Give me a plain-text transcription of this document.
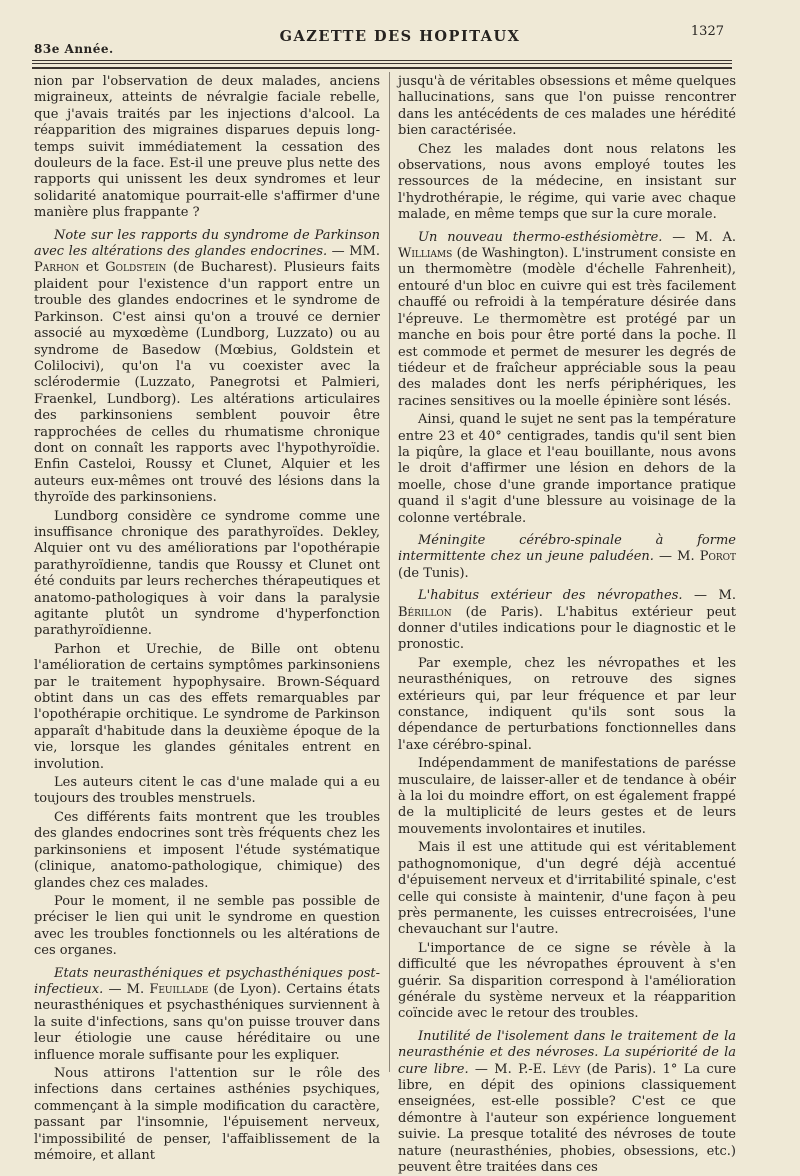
83e Année.
GAZETTE DES HOPITAUX	1327

nion par l'observation de deux malades, anciens migraineux, atteints de névralgie faciale rebelle, que j'avais traités par les injections d'alcool. La réapparition des migraines disparues depuis long-temps suivit immédiatement la cessation des douleurs de la face. Est-il une preuve plus nette des rapports qui unissent les deux syndromes et leur solidarité anatomique pourrait-elle s'affirmer d'une manière plus frappante ?

Note sur les rapports du syndrome de Parkinson avec les altérations des glandes endocrines. — MM. Parhon et Goldstein (de Bucharest). Plusieurs faits plaident pour l'existence d'un rapport entre un trouble des glandes endocrines et le syndrome de Parkinson. C'est ainsi qu'on a trouvé ce dernier associé au myxœdème (Lundborg, Luzzato) ou au syndrome de Basedow (Mœbius, Goldstein et Colilocivi), qu'on l'a vu coexister avec la sclérodermie (Luzzato, Panegrotsi et Palmieri, Fraenkel, Lundborg). Les altérations articulaires des parkinsoniens semblent pouvoir être rapprochées de celles du rhumatisme chronique dont on connaît les rapports avec l'hypothyroïdie. Enfin Casteloi, Roussy et Clunet, Alquier et les auteurs eux-mêmes ont trouvé des lésions dans la thyroïde des parkinsoniens.

Lundborg considère ce syndrome comme une insuffisance chronique des parathyroïdes. Dekley, Alquier ont vu des améliorations par l'opothérapie parathyroïdienne, tandis que Roussy et Clunet ont été conduits par leurs recherches thérapeutiques et anatomo-pathologiques à voir dans la paralysie agitante plutôt un syndrome d'hyperfonction parathyroïdienne.

Parhon et Urechie, de Bille ont obtenu l'amélioration de certains symptômes parkinsoniens par le traitement hypophysaire. Brown-Séquard obtint dans un cas des effets remarquables par l'opothérapie orchitique. Le syndrome de Parkinson apparaît d'habitude dans la deuxième époque de la vie, lorsque les glandes génitales entrent en involution.

Les auteurs citent le cas d'une malade qui a eu toujours des troubles menstruels.

Ces différents faits montrent que les troubles des glandes endocrines sont très fréquents chez les parkinsoniens et imposent l'étude systématique (clinique, anatomo-pathologique, chimique) des glandes chez ces malades.

Pour le moment, il ne semble pas possible de préciser le lien qui unit le syndrome en question avec les troubles fonctionnels ou les altérations de ces organes.

Etats neurasthéniques et psychasthéniques post-infectieux. — M. Feuillade (de Lyon). Certains états neurasthéniques et psychasthéniques surviennent à la suite d'infections, sans qu'on puisse trouver dans leur étiologie une cause héréditaire ou une influence morale suffisante pour les expliquer.

Nous attirons l'attention sur le rôle des infections dans certaines asthénies psychiques, commençant à la simple modification du caractère, passant par l'insomnie, l'épuisement nerveux, l'impossibilité de penser, l'affaiblissement de la mémoire, et allant

jusqu'à de véritables obsessions et même quelques hallucinations, sans que l'on puisse rencontrer dans les antécédents de ces malades une hérédité bien caractérisée.

Chez les malades dont nous relatons les observations, nous avons employé toutes les ressources de la médecine, en insistant sur l'hydrothérapie, le régime, qui varie avec chaque malade, en même temps que sur la cure morale.

Un nouveau thermo-esthésiomètre. — M. A. Williams (de Washington). L'instrument consiste en un thermomètre (modèle d'échelle Fahrenheit), entouré d'un bloc en cuivre qui est très facilement chauffé ou refroidi à la température désirée dans l'épreuve. Le thermomètre est protégé par un manche en bois pour être porté dans la poche. Il est commode et permet de mesurer les degrés de tiédeur et de fraîcheur appréciable sous la peau des malades dont les nerfs périphériques, les racines sensitives ou la moelle épinière sont lésés.

Ainsi, quand le sujet ne sent pas la température entre 23 et 40° centigrades, tandis qu'il sent bien la piqûre, la glace et l'eau bouillante, nous avons le droit d'affirmer une lésion en dehors de la moelle, chose d'une grande importance pratique quand il s'agit d'une blessure au voisinage de la colonne vertébrale.

Méningite cérébro-spinale à forme intermittente chez un jeune paludéen. — M. Porot (de Tunis).

L'habitus extérieur des névropathes. — M. Bérillon (de Paris). L'habitus extérieur peut donner d'utiles indications pour le diagnostic et le pronostic.

Par exemple, chez les névropathes et les neurasthéniques, on retrouve des signes extérieurs qui, par leur fréquence et par leur constance, indiquent qu'ils sont sous la dépendance de perturbations fonctionnelles dans l'axe cérébro-spinal.

Indépendamment de manifestations de parésse musculaire, de laisser-aller et de tendance à obéir à la loi du moindre effort, on est également frappé de la multiplicité de leurs gestes et de leurs mouvements involontaires et inutiles.

Mais il est une attitude qui est véritablement pathognomonique, d'un degré déjà accentué d'épuisement nerveux et d'irritabilité spinale, c'est celle qui consiste à maintenir, d'une façon à peu près permanente, les cuisses entrecroisées, l'une chevauchant sur l'autre.

L'importance de ce signe se révèle à la difficulté que les névropathes éprouvent à s'en guérir. Sa disparition correspond à l'amélioration générale du système nerveux et la réapparition coïncide avec le retour des troubles.

Inutilité de l'isolement dans le traitement de la neurasthénie et des névroses. La supériorité de la cure libre. — M. P.-E. Lévy (de Paris). 1° La cure libre, en dépit des opinions classiquement enseignées, est-elle possible? C'est ce que démontre à l'auteur son expérience longuement suivie. La presque totalité des névroses de toute nature (neurasthénies, phobies, obsessions, etc.) peuvent être traitées dans ces
